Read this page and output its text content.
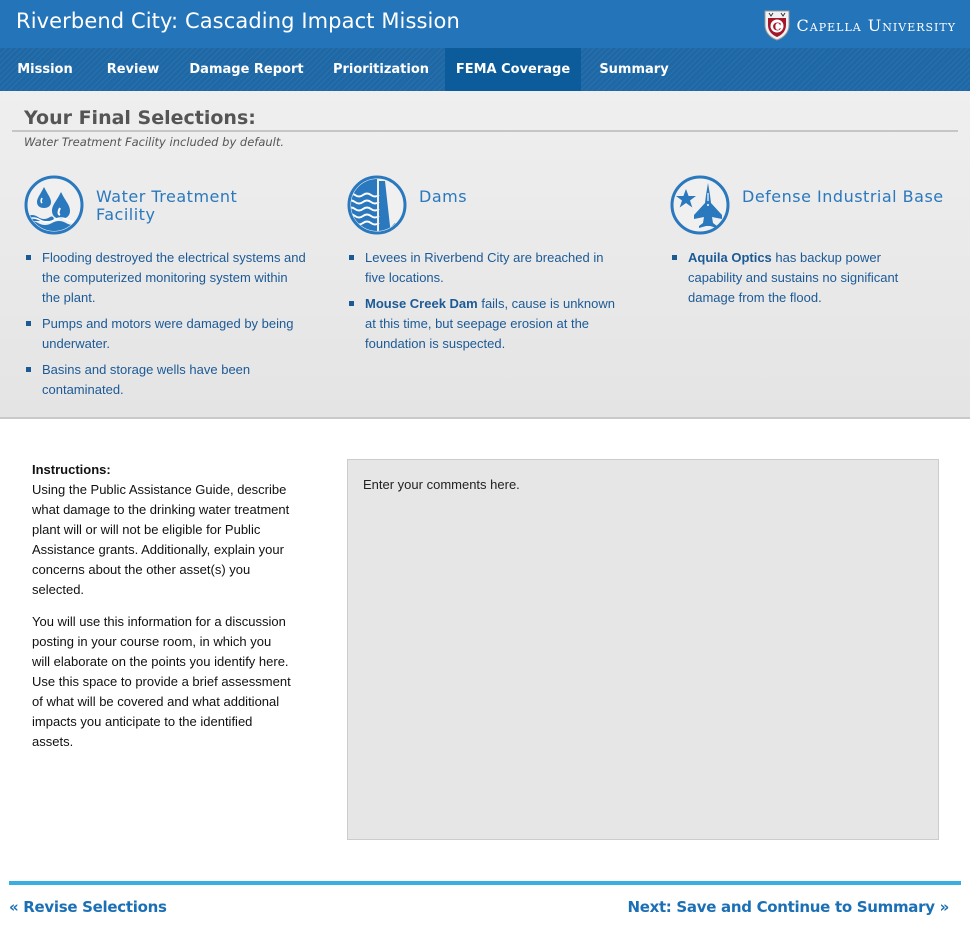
Riverbend City: Cascading Impact Mission	C Capella University
Mission	Review	Damage Report	Prioritization	FEMA Coverage	Summary
Your Final Selections:
Water Treatment Facility included by default.
Water Treatment Facility
Flooding destroyed the electrical systems and the computerized monitoring system within the plant.
Pumps and motors were damaged by being underwater.
Basins and storage wells have been contaminated.
Dams
Levees in Riverbend City are breached in five locations.
Mouse Creek Dam fails, cause is unknown at this time, but seepage erosion at the foundation is suspected.
Defense Industrial Base
Aquila Optics has backup power capability and sustains no significant damage from the flood.
Instructions:

Using the Public Assistance Guide, describe what damage to the drinking water treatment plant will or will not be eligible for Public Assistance grants. Additionally, explain your concerns about the other asset(s) you selected.

You will use this information for a discussion posting in your course room, in which you will elaborate on the points you identify here. Use this space to provide a brief assessment of what will be covered and what additional impacts you anticipate to the identified assets.

Enter your comments here.
« Revise Selections	Next: Save and Continue to Summary »
